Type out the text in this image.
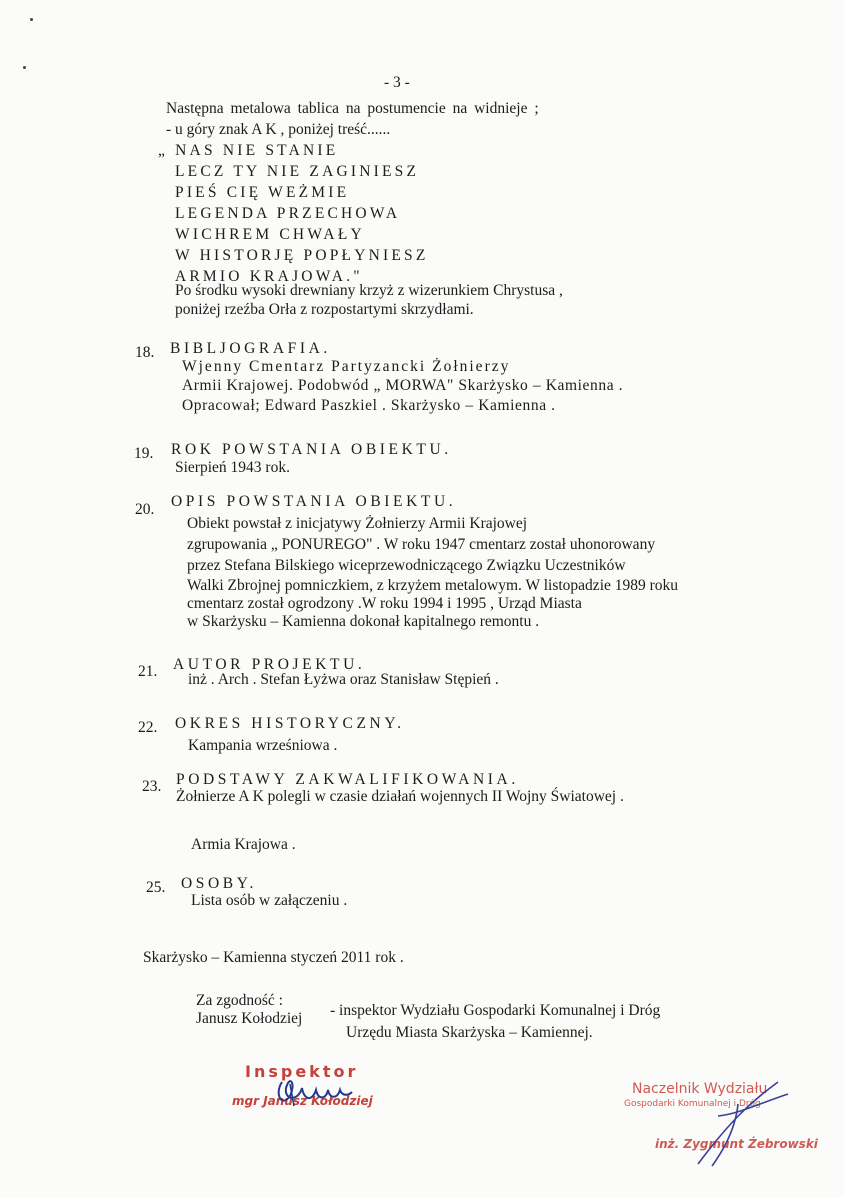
- 3 -
Następna metalowa tablica na postumencie na widnieje ;
- u góry znak A K , poniżej treść......
„ NAS NIE STANIE
LECZ TY NIE ZAGINIESZ
PIEŚ CIĘ WEŻMIE
LEGENDA PRZECHOWA
WICHREM CHWAŁY
W HISTORJĘ POPŁYNIESZ
ARMIO KRAJOWA."
Po środku wysoki drewniany krzyż z wizerunkiem Chrystusa ,
poniżej rzeźba Orła z rozpostartymi skrzydłami.
18. BIBLJOGRAFIA.
Wjenny Cmentarz Partyzancki Żołnierzy
Armii Krajowej. Podobwód „ MORWA" Skarżysko – Kamienna .
Opracował; Edward Paszkiel . Skarżysko – Kamienna .
19. ROK POWSTANIA OBIEKTU.
Sierpień 1943 rok.
20. OPIS POWSTANIA OBIEKTU.
Obiekt powstał z inicjatywy Żołnierzy Armii Krajowej
zgrupowania „ PONUREGO" . W roku 1947 cmentarz został uhonorowany
przez Stefana Bilskiego wiceprzewodniczącego Związku Uczestników
Walki Zbrojnej pomniczkiem, z krzyżem metalowym. W listopadzie 1989 roku
cmentarz został ogrodzony .W roku 1994 i 1995 , Urząd Miasta
w Skarżysku – Kamienna dokonał kapitalnego remontu .
21. AUTOR PROJEKTU.
inż . Arch . Stefan Łyżwa oraz Stanisław Stępień .
22. OKRES HISTORYCZNY.
Kampania wrześniowa .
23. PODSTAWY ZAKWALIFIKOWANIA.
Żołnierze A K polegli w czasie działań wojennych II Wojny Światowej .
Armia Krajowa .
25. OSOBY.
Lista osób w załączeniu .
Skarżysko – Kamienna styczeń 2011 rok .
Za zgodność :
Janusz Kołodziej - inspektor Wydziału Gospodarki Komunalnej i Dróg
Urzędu Miasta Skarżyska – Kamiennej.
Inspektor
mgr Janusz Kołodziej
Naczelnik Wydziału
Gospodarki Komunalnej i Dróg
inż. Zygmunt Żebrowski
